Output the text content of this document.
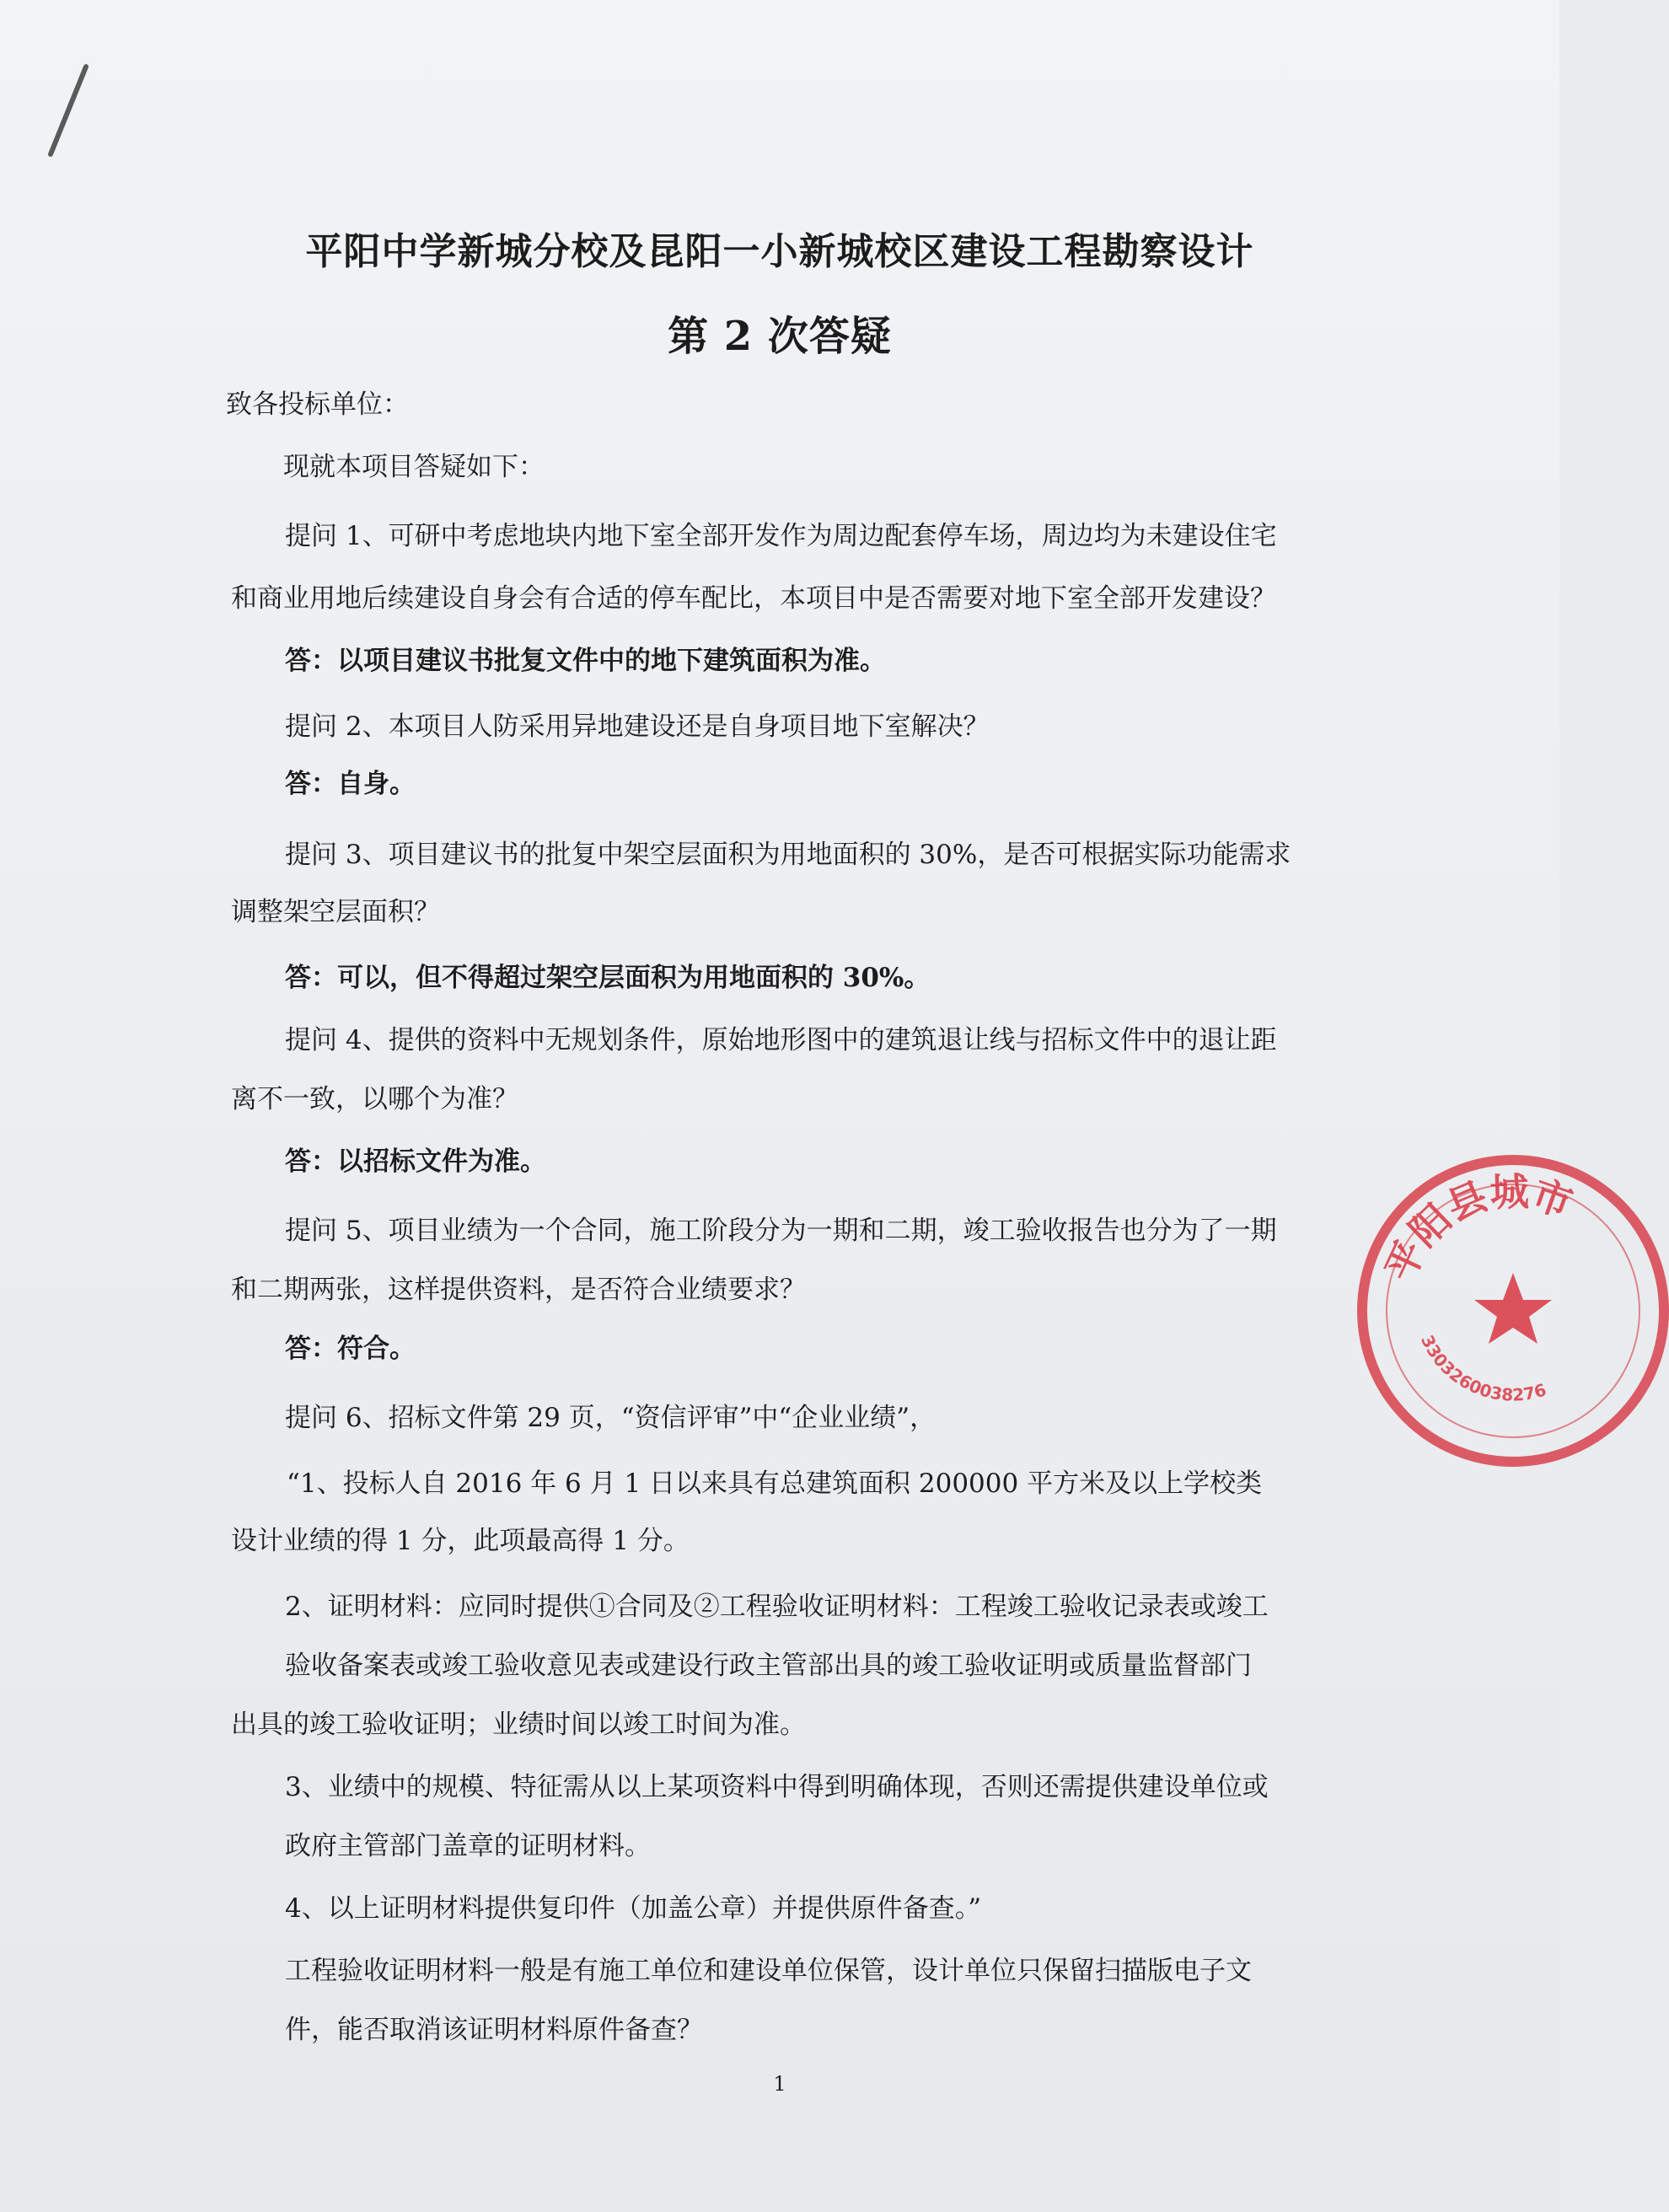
平阳中学新城分校及昆阳一小新城校区建设工程勘察设计
第 2 次答疑
致各投标单位：
现就本项目答疑如下：
提问 1、可研中考虑地块内地下室全部开发作为周边配套停车场，周边均为未建设住宅
和商业用地后续建设自身会有合适的停车配比，本项目中是否需要对地下室全部开发建设？
答：以项目建议书批复文件中的地下建筑面积为准。
提问 2、本项目人防采用异地建设还是自身项目地下室解决？
答：自身。
提问 3、项目建议书的批复中架空层面积为用地面积的 30%，是否可根据实际功能需求
调整架空层面积？
答：可以，但不得超过架空层面积为用地面积的 30%。
提问 4、提供的资料中无规划条件，原始地形图中的建筑退让线与招标文件中的退让距
离不一致，以哪个为准？
答：以招标文件为准。
提问 5、项目业绩为一个合同，施工阶段分为一期和二期，竣工验收报告也分为了一期
和二期两张，这样提供资料，是否符合业绩要求？
答：符合。
提问 6、招标文件第 29 页，“资信评审”中“企业业绩”，
“1、投标人自 2016 年 6 月 1 日以来具有总建筑面积 200000 平方米及以上学校类
设计业绩的得 1 分，此项最高得 1 分。
2、证明材料：应同时提供①合同及②工程验收证明材料：工程竣工验收记录表或竣工
验收备案表或竣工验收意见表或建设行政主管部出具的竣工验收证明或质量监督部门
出具的竣工验收证明；业绩时间以竣工时间为准。
3、业绩中的规模、特征需从以上某项资料中得到明确体现，否则还需提供建设单位或
政府主管部门盖章的证明材料。
4、以上证明材料提供复印件（加盖公章）并提供原件备查。”
工程验收证明材料一般是有施工单位和建设单位保管，设计单位只保留扫描版电子文
件，能否取消该证明材料原件备查？
1
平阳县城市
3303260038276
